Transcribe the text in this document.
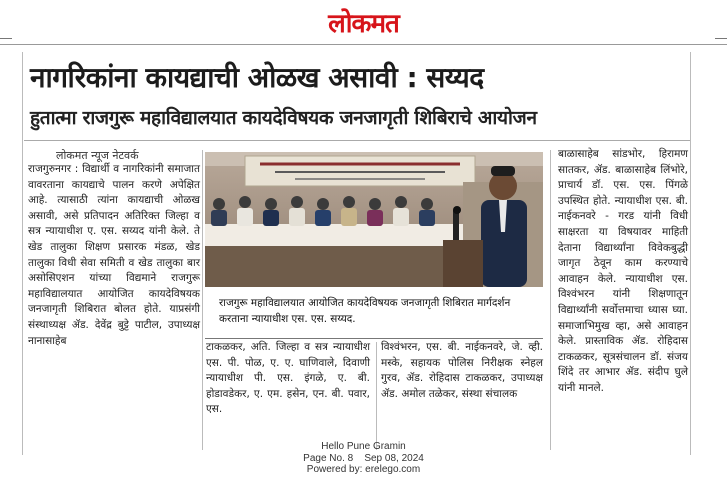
लोकमत
नागरिकांना कायद्याची ओळख असावी : सय्यद
हुतात्मा राजगुरू महाविद्यालयात कायदेविषयक जनजागृती शिबिराचे आयोजन
लोकमत न्यूज नेटवर्क

राजगुरुनगर : विद्यार्थी व नागरिकांनी समाजात वावरताना कायद्याचे पालन करणे अपेक्षित आहे. त्यासाठी त्यांना कायद्याची ओळख असावी, असे प्रतिपादन अतिरिक्त जिल्हा व सत्र न्यायाधीश ए. एस. सय्यद यांनी केले. ते खेड तालुका शिक्षण प्रसारक मंडळ, खेड तालुका विधी सेवा समिती व खेड तालुका बार असोसिएशन यांच्या विद्यमाने राजगुरू महाविद्यालयात आयोजित कायदेविषयक जनजागृती शिबिरात बोलत होते. याप्रसंगी संस्थाध्यक्ष ॲड. देवेंद्र बुट्टे पाटील, उपाध्यक्ष नानासाहेब

राजगुरू महाविद्यालयात आयोजित कायदेविषयक जनजागृती शिबिरात मार्गदर्शन करताना न्यायाधीश एस. एस. सय्यद.

टाकळकर, अति. जिल्हा व सत्र न्यायाधीश एस. पी. पोळ, ए. ए. घाणिवाले, दिवाणी न्यायाधीश पी. एस. इंगळे, ए. बी. होडावडेकर, ए. एम. हसेन, एन. बी. पवार, एस.

विश्वंभरन, एस. बी. नाईकनवरे, जे. व्ही. मस्के, सहायक पोलिस निरीक्षक स्नेहल गुरव, ॲड. रोहिदास टाकळकर, उपाध्यक्ष ॲड. अमोल तळेकर, संस्था संचालक

बाळासाहेब सांडभोर, हिरामण सातकर, ॲड. बाळासाहेब लिंभोरे, प्राचार्य डॉ. एस. एस. पिंगळे उपस्थित होते. न्यायाधीश एस. बी. नाईकनवरे - गरड यांनी विधी साक्षरता या विषयावर माहिती देताना विद्यार्थ्यांना विवेकबुद्धी जागृत ठेवून काम करण्याचे आवाहन केले. न्यायाधीश एस. विश्वंभरन यांनी शिक्षणातून विद्यार्थ्यांनी सर्वोत्तमाचा ध्यास घ्या. समाजाभिमुख व्हा, असे आवाहन केले. प्रास्ताविक ॲड. रोहिदास टाकळकर, सूत्रसंचालन डॉ. संजय शिंदे तर आभार ॲड. संदीप घुले यांनी मानले.

Hello Pune Gramin
Page No. 8    Sep 08, 2024
Powered by: erelego.com
